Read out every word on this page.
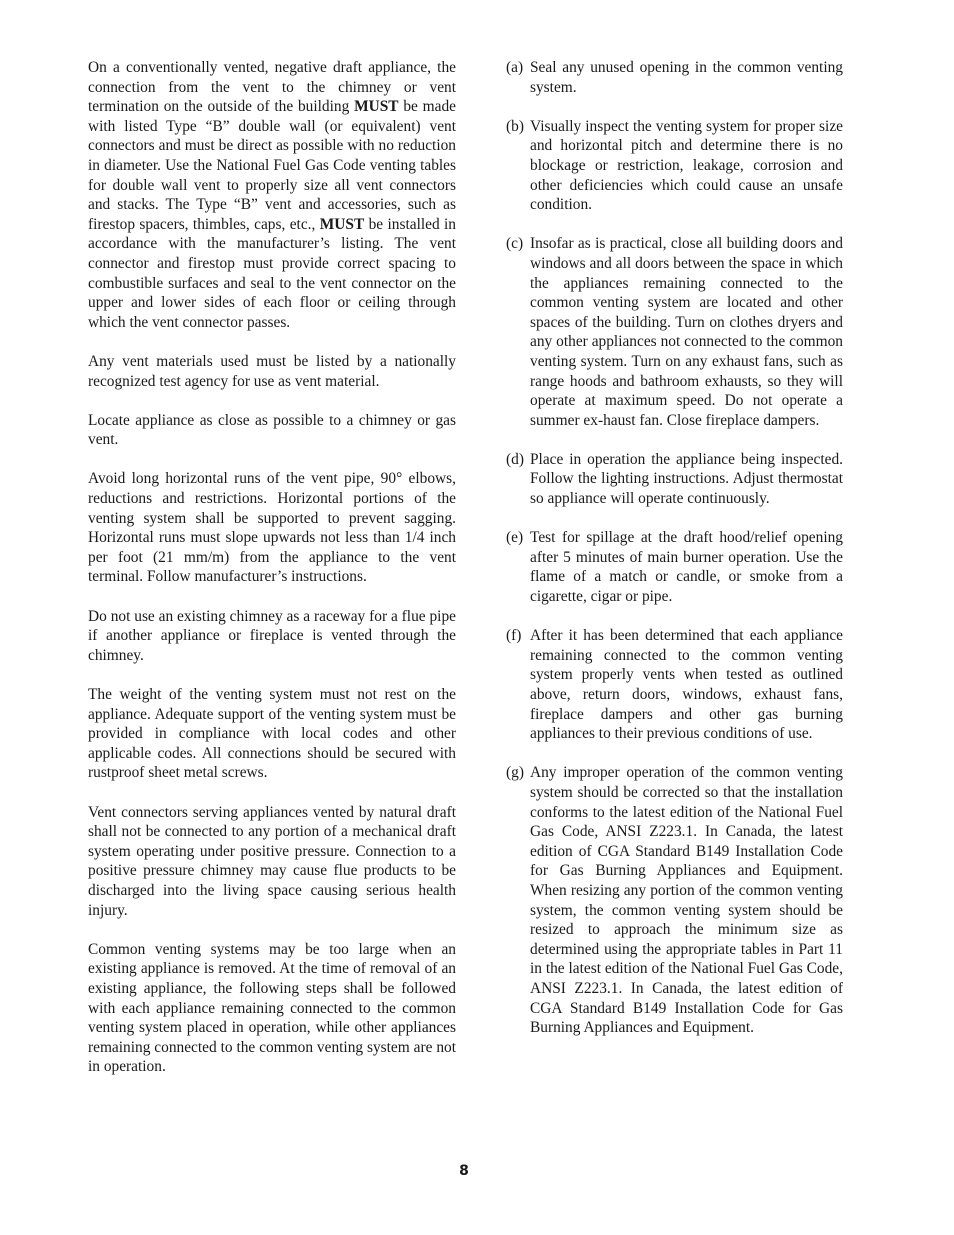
On a conventionally vented, negative draft appliance, the connection from the vent to the chimney or vent termination on the outside of the building MUST be made with listed Type “B” double wall (or equivalent) vent connectors and must be direct as possible with no reduction in diameter. Use the National Fuel Gas Code venting tables for double wall vent to properly size all vent connectors and stacks. The Type “B” vent and accessories, such as firestop spacers, thimbles, caps, etc., MUST be installed in accordance with the manufacturer’s listing. The vent connector and firestop must provide correct spacing to combustible surfaces and seal to the vent connector on the upper and lower sides of each floor or ceiling through which the vent connector passes.

Any vent materials used must be listed by a nationally recognized test agency for use as vent material.

Locate appliance as close as possible to a chimney or gas vent.

Avoid long horizontal runs of the vent pipe, 90° elbows, reductions and restrictions. Horizontal portions of the venting system shall be supported to prevent sagging. Horizontal runs must slope upwards not less than 1/4 inch per foot (21 mm/m) from the appliance to the vent terminal. Follow manufacturer’s instructions.

Do not use an existing chimney as a raceway for a flue pipe if another appliance or fireplace is vented through the chimney.

The weight of the venting system must not rest on the appliance. Adequate support of the venting system must be provided in compliance with local codes and other applicable codes. All connections should be secured with rustproof sheet metal screws.

Vent connectors serving appliances vented by natural draft shall not be connected to any portion of a mechanical draft system operating under positive pressure. Connection to a positive pressure chimney may cause flue products to be discharged into the living space causing serious health injury.

Common venting systems may be too large when an existing appliance is removed. At the time of removal of an existing appliance, the following steps shall be followed with each appliance remaining connected to the common venting system placed in operation, while other appliances remaining connected to the common venting system are not in operation.

(a) Seal any unused opening in the common venting system.
(b) Visually inspect the venting system for proper size and horizontal pitch and determine there is no blockage or restriction, leakage, corrosion and other deficiencies which could cause an unsafe condition.
(c) Insofar as is practical, close all building doors and windows and all doors between the space in which the appliances remaining connected to the common venting system are located and other spaces of the building. Turn on clothes dryers and any other appliances not connected to the common venting system. Turn on any exhaust fans, such as range hoods and bathroom exhausts, so they will operate at maximum speed. Do not operate a summer ex-haust fan. Close fireplace dampers.
(d) Place in operation the appliance being inspected. Follow the lighting instructions. Adjust thermostat so appliance will operate continuously.
(e) Test for spillage at the draft hood/relief opening after 5 minutes of main burner operation. Use the flame of a match or candle, or smoke from a cigarette, cigar or pipe.
(f) After it has been determined that each appliance remaining connected to the common venting system properly vents when tested as outlined above, return doors, windows, exhaust fans, fireplace dampers and other gas burning appliances to their previous conditions of use.
(g) Any improper operation of the common venting system should be corrected so that the installation conforms to the latest edition of the National Fuel Gas Code, ANSI Z223.1. In Canada, the latest edition of CGA Standard B149 Installation Code for Gas Burning Appliances and Equipment. When resizing any portion of the common venting system, the common venting system should be resized to approach the minimum size as determined using the appropriate tables in Part 11 in the latest edition of the National Fuel Gas Code, ANSI Z223.1. In Canada, the latest edition of CGA Standard B149 Installation Code for Gas Burning Appliances and Equipment.
8
